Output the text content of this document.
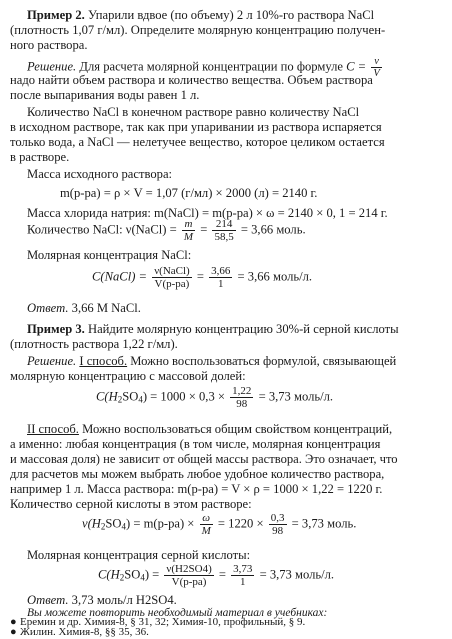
Пример 2. Упарили вдвое (по объему) 2 л 10%-го раствора NaCl
(плотность 1,07 г/мл). Определите молярную концентрацию получен-
ного раствора.
Решение. Для расчета молярной концентрации по формуле $C = \frac{\nu}{V}$
надо найти объем раствора и количество вещества. Объем раствора
после выпаривания воды равен 1 л.
Количество NaCl в конечном растворе равно количеству NaCl
в исходном растворе, так как при упаривании из раствора испаряется
только вода, а NaCl — нелетучее вещество, которое целиком остается
в растворе.
Масса исходного раствора:
m(р-ра) = ρ × V = 1,07 (г/мл) × 2000 (л) = 2140 г.
Масса хлорида натрия: m(NaCl) = m(р-ра) × ω = 2140 × 0, 1 = 214 г.
Количество NaCl: ν(NaCl) = $\frac{m}{M} = \frac{214}{58,5} = 3,66$ моль.
Молярная концентрация NaCl:
C(NaCl) = $\frac{\text{ν(NaCl)}}{V(р-ра)} = \frac{3,66}{1} = 3,66$ моль/л.
Ответ. 3,66 M NaCl.
Пример 3. Найдите молярную концентрацию 30%-й серной кислоты
(плотность раствора 1,22 г/мл).
Решение. I способ. Можно воспользоваться формулой, связывающей
молярную концентрацию с массовой долей:
$C(H_2SO_4) = 1000 \times 0,3 \times \frac{1,22}{98} = 3,73$ моль/л.
II способ. Можно воспользоваться общим свойством концентраций,
а именно: любая концентрация (в том числе, молярная концентрация
и массовая доля) не зависит от общей массы раствора. Это означает, что
для расчетов мы можем выбрать любое удобное количество раствора,
например 1 л. Масса раствора: m(р-ра) = V × ρ = 1000 × 1,22 = 1220 г.
Количество серной кислоты в этом растворе:
$\nu(H_2SO_4) = m(р-ра) \times \frac{\omega}{M} = 1220 \times \frac{0,3}{98} = 3,73$ моль.
Молярная концентрация серной кислоты:
$C(H_2SO_4) = \frac{\nu(H2SO4)}{V(р-ра)} = \frac{3,73}{1} = 3,73$ моль/л.
Ответ. 3,73 моль/л H2SO4.
Вы можете повторить необходимый материал в учебниках:
● Еремин и др. Химия-8, § 31, 32; Химия-10, профильный, § 9.
● Жилин. Химия-8, §§ 35, 36.
